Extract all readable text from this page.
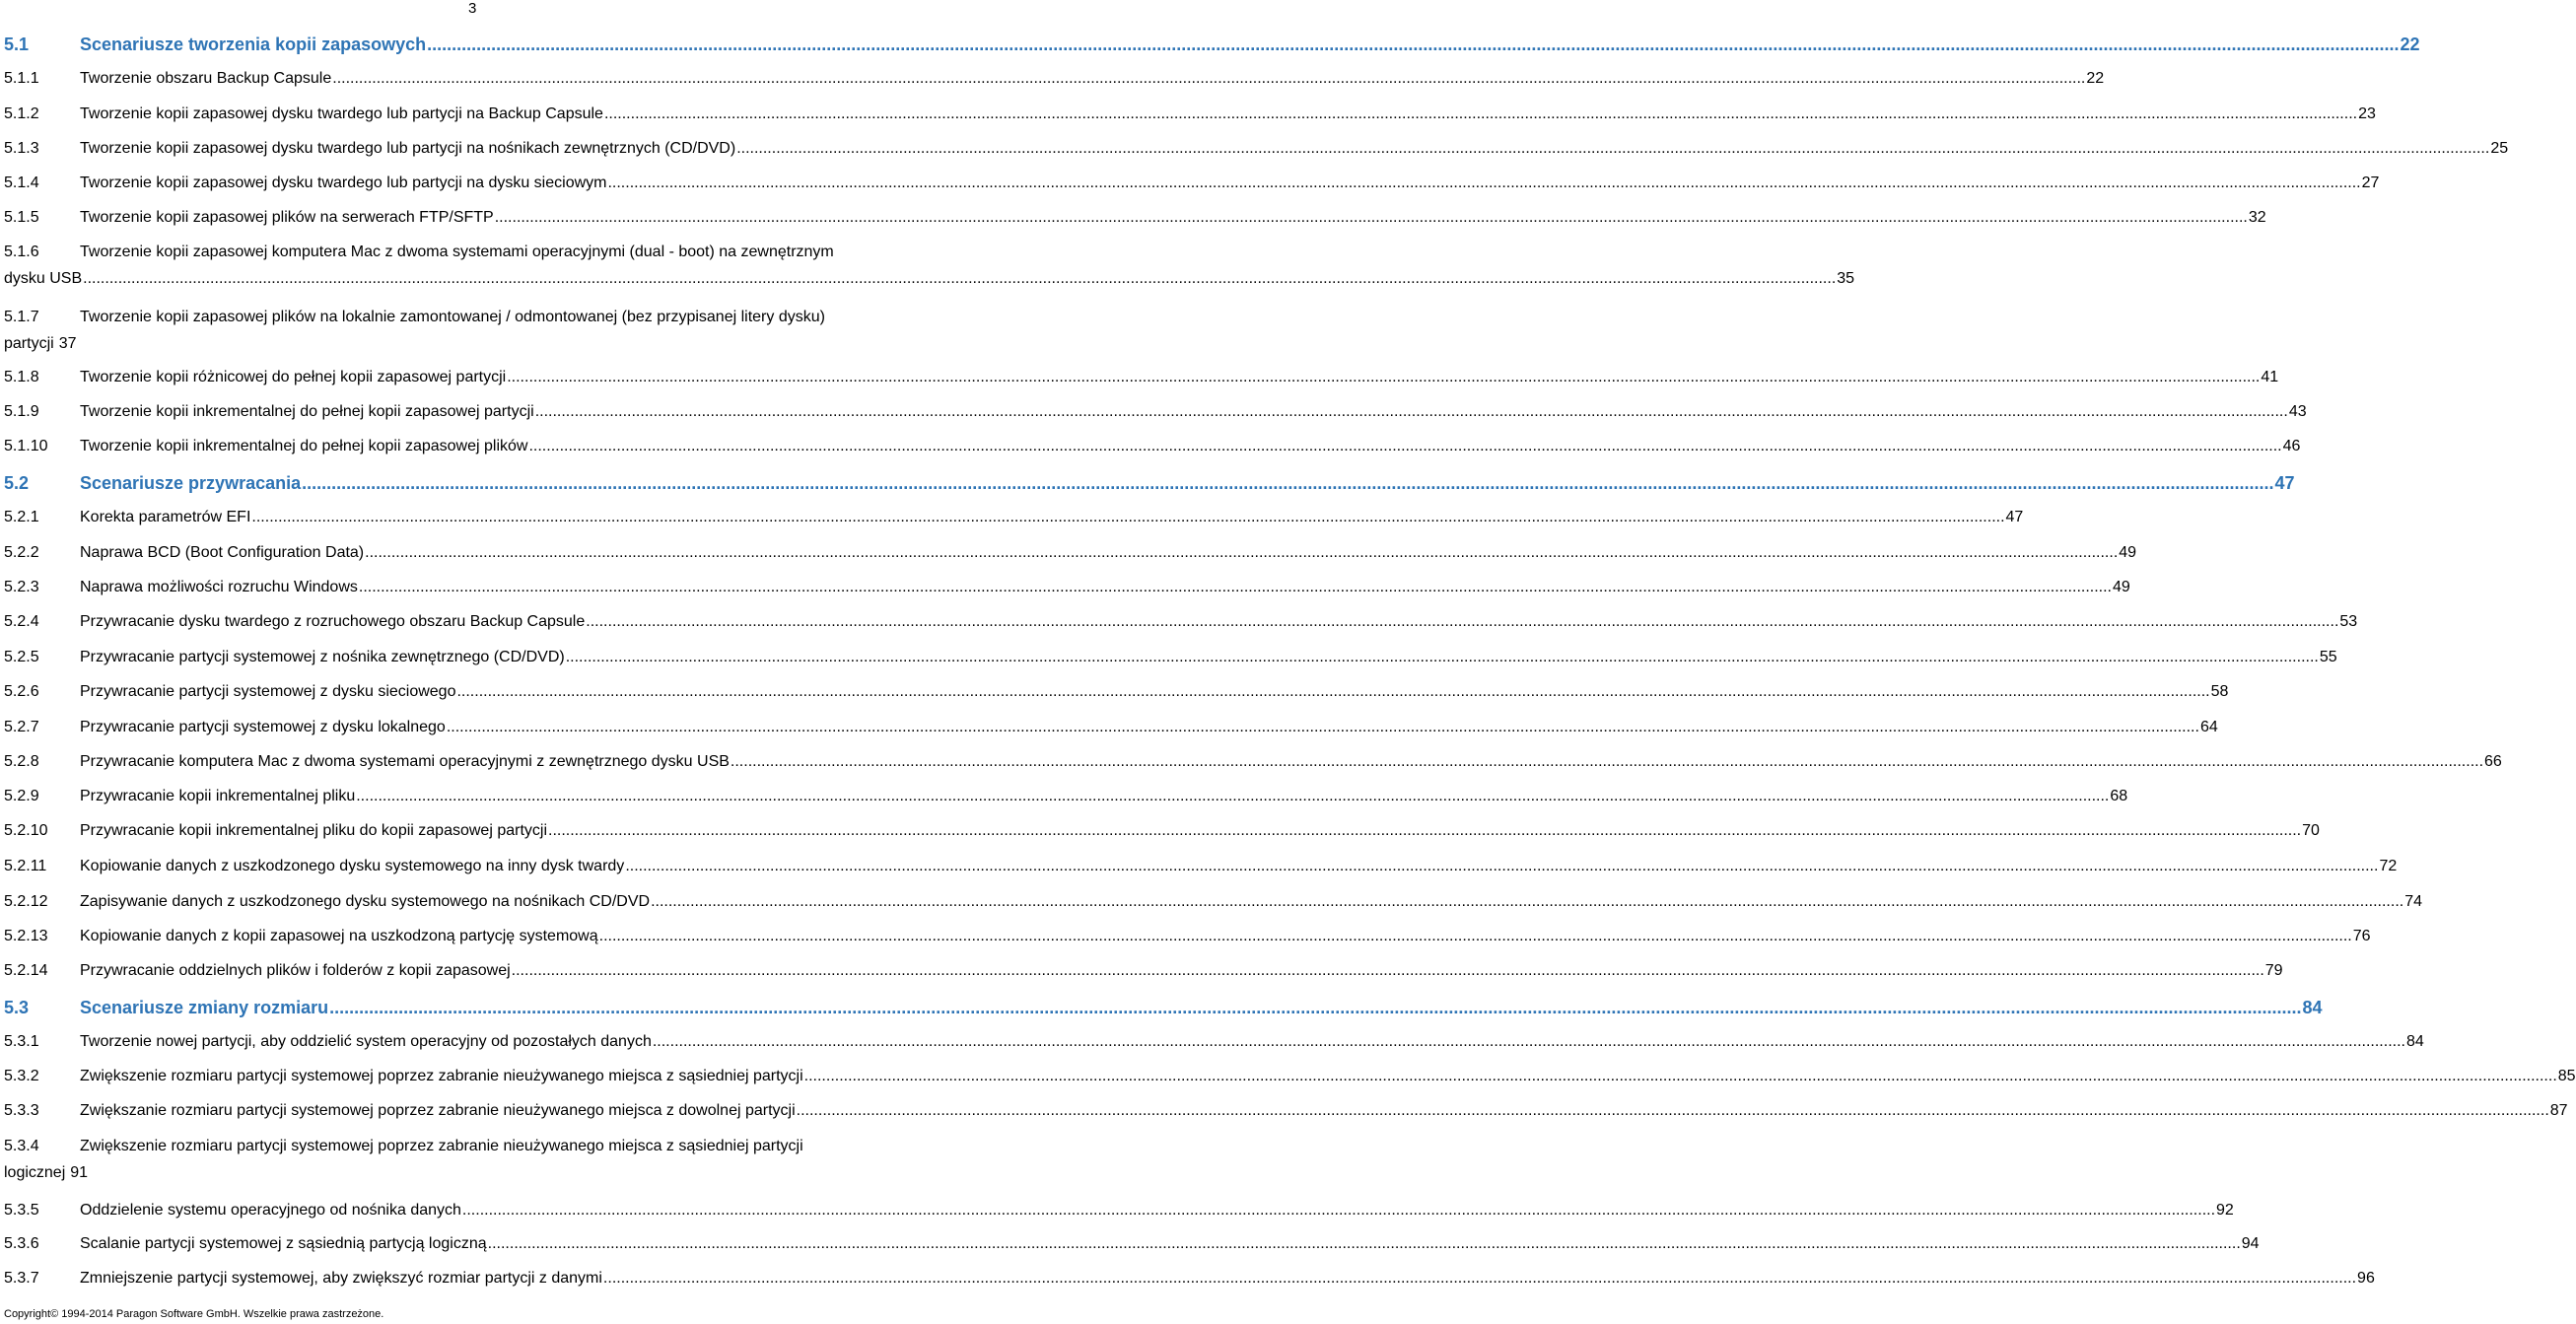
3
5.1	Scenariusze tworzenia kopii zapasowych ................................................................................................................................................................................................................................................................................................................................................................................................................ 22
5.1.1	Tworzenie obszaru Backup Capsule ................................................................................................................................................................................................................................................................................................................................................................................................................ 22
5.1.2	Tworzenie kopii zapasowej dysku twardego lub partycji na Backup Capsule ................................................................................................................................................................................................................................................................................................................................................................................................................ 23
5.1.3	Tworzenie kopii zapasowej dysku twardego lub partycji na nośnikach zewnętrznych (CD/DVD) ................................................................................................................................................................................................................................................................................................................................................................................................................ 25
5.1.4	Tworzenie kopii zapasowej dysku twardego lub partycji na dysku sieciowym ................................................................................................................................................................................................................................................................................................................................................................................................................ 27
5.1.5	Tworzenie kopii zapasowej plików na serwerach FTP/SFTP ................................................................................................................................................................................................................................................................................................................................................................................................................ 32
5.1.6	Tworzenie kopii zapasowej komputera Mac z dwoma systemami operacyjnymi (dual - boot) na zewnętrznym
dysku USB ................................................................................................................................................................................................................................................................................................................................................................................................................ 35
5.1.7	Tworzenie kopii zapasowej plików na lokalnie zamontowanej / odmontowanej (bez przypisanej litery dysku)
partycji 37
5.1.8	Tworzenie kopii różnicowej do pełnej kopii zapasowej partycji ................................................................................................................................................................................................................................................................................................................................................................................................................ 41
5.1.9	Tworzenie kopii inkrementalnej do pełnej kopii zapasowej partycji ................................................................................................................................................................................................................................................................................................................................................................................................................ 43
5.1.10	Tworzenie kopii inkrementalnej do pełnej kopii zapasowej plików ................................................................................................................................................................................................................................................................................................................................................................................................................ 46
5.2	Scenariusze przywracania ................................................................................................................................................................................................................................................................................................................................................................................................................ 47
5.2.1	Korekta parametrów EFI ................................................................................................................................................................................................................................................................................................................................................................................................................ 47
5.2.2	Naprawa BCD (Boot Configuration Data) ................................................................................................................................................................................................................................................................................................................................................................................................................ 49
5.2.3	Naprawa możliwości rozruchu Windows ................................................................................................................................................................................................................................................................................................................................................................................................................ 49
5.2.4	Przywracanie dysku twardego z rozruchowego obszaru Backup Capsule ................................................................................................................................................................................................................................................................................................................................................................................................................ 53
5.2.5	Przywracanie partycji systemowej z nośnika zewnętrznego (CD/DVD) ................................................................................................................................................................................................................................................................................................................................................................................................................ 55
5.2.6	Przywracanie partycji systemowej z dysku sieciowego ................................................................................................................................................................................................................................................................................................................................................................................................................ 58
5.2.7	Przywracanie partycji systemowej z dysku lokalnego ................................................................................................................................................................................................................................................................................................................................................................................................................ 64
5.2.8	Przywracanie komputera Mac z dwoma systemami operacyjnymi z zewnętrznego dysku USB ................................................................................................................................................................................................................................................................................................................................................................................................................ 66
5.2.9	Przywracanie kopii inkrementalnej pliku ................................................................................................................................................................................................................................................................................................................................................................................................................ 68
5.2.10	Przywracanie kopii inkrementalnej pliku do kopii zapasowej partycji ................................................................................................................................................................................................................................................................................................................................................................................................................ 70
5.2.11	Kopiowanie danych z uszkodzonego dysku systemowego na inny dysk twardy ................................................................................................................................................................................................................................................................................................................................................................................................................ 72
5.2.12	Zapisywanie danych z uszkodzonego dysku systemowego na nośnikach CD/DVD ................................................................................................................................................................................................................................................................................................................................................................................................................ 74
5.2.13	Kopiowanie danych z kopii zapasowej na uszkodzoną partycję systemową ................................................................................................................................................................................................................................................................................................................................................................................................................ 76
5.2.14	Przywracanie oddzielnych plików i folderów z kopii zapasowej ................................................................................................................................................................................................................................................................................................................................................................................................................ 79
5.3	Scenariusze zmiany rozmiaru ................................................................................................................................................................................................................................................................................................................................................................................................................ 84
5.3.1	Tworzenie nowej partycji, aby oddzielić system operacyjny od pozostałych danych ................................................................................................................................................................................................................................................................................................................................................................................................................ 84
5.3.2	Zwiększenie rozmiaru partycji systemowej poprzez zabranie nieużywanego miejsca z sąsiedniej partycji ................................................................................................................................................................................................................................................................................................................................................................................................................ 85
5.3.3	Zwiększanie rozmiaru partycji systemowej poprzez zabranie nieużywanego miejsca z dowolnej partycji ................................................................................................................................................................................................................................................................................................................................................................................................................ 87
5.3.4	Zwiększenie rozmiaru partycji systemowej poprzez zabranie nieużywanego miejsca z sąsiedniej partycji
logicznej 91
5.3.5	Oddzielenie systemu operacyjnego od nośnika danych ................................................................................................................................................................................................................................................................................................................................................................................................................ 92
5.3.6	Scalanie partycji systemowej z sąsiednią partycją logiczną ................................................................................................................................................................................................................................................................................................................................................................................................................ 94
5.3.7	Zmniejszenie partycji systemowej, aby zwiększyć rozmiar partycji z danymi ................................................................................................................................................................................................................................................................................................................................................................................................................ 96
Copyright© 1994-2014 Paragon Software GmbH. Wszelkie prawa zastrzeżone.
